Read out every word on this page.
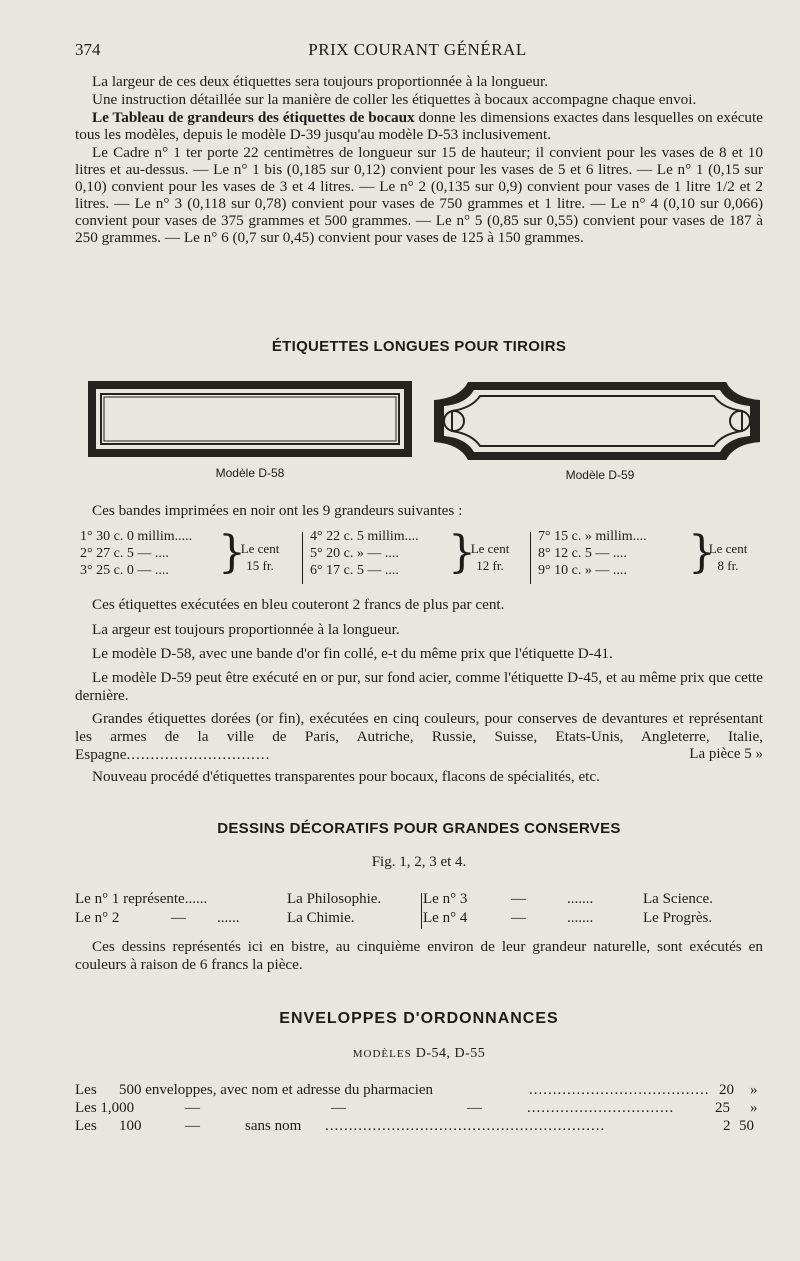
374	PRIX COURANT GÉNÉRAL

La largeur de ces deux étiquettes sera toujours proportionnée à la longueur.

Une instruction détaillée sur la manière de coller les étiquettes à bocaux accompagne chaque envoi.

Le Tableau de grandeurs des étiquettes de bocaux donne les dimensions exactes dans lesquelles on exécute tous les modèles, depuis le modèle D-39 jusqu'au modèle D-53 inclusivement.

Le Cadre n° 1 ter porte 22 centimètres de longueur sur 15 de hauteur; il convient pour les vases de 8 et 10 litres et au-dessus. — Le n° 1 bis (0,185 sur 0,12) convient pour les vases de 5 et 6 litres. — Le n° 1 (0,15 sur 0,10) convient pour les vases de 3 et 4 litres. — Le n° 2 (0,135 sur 0,9) convient pour vases de 1 litre 1/2 et 2 litres. — Le n° 3 (0,118 sur 0,78) convient pour vases de 750 grammes et 1 litre. — Le n° 4 (0,10 sur 0,066) convient pour vases de 375 grammes et 500 grammes. — Le n° 5 (0,85 sur 0,55) convient pour vases de 187 à 250 grammes. — Le n° 6 (0,7 sur 0,45) convient pour vases de 125 à 150 grammes.

ÉTIQUETTES LONGUES POUR TIROIRS
Modèle D-58	Modèle D-59
Ces bandes imprimées en noir ont les 9 grandeurs suivantes :
1° 30 c. 0 millim.....
2° 27 c. 5 — ....
3° 25 c. 0 — ....	}
Le cent
15 fr.
4° 22 c. 5 millim....
5° 20 c. » — ....
6° 17 c. 5 — ....	}
Le cent
12 fr.
7° 15 c. » millim....
8° 12 c. 5 — ....
9° 10 c. » — ....	}
Le cent
8 fr.
Ces étiquettes exécutées en bleu couteront 2 francs de plus par cent.
La argeur est toujours proportionnée à la longueur.
Le modèle D-58, avec une bande d'or fin collé, e-t du même prix que l'étiquette D-41.
Le modèle D-59 peut être exécuté en or pur, sur fond acier, comme l'étiquette D-45, et au même prix que cette dernière.
Grandes étiquettes dorées (or fin), exécutées en cinq couleurs, pour conserves de devantures et représentant les armes de la ville de Paris, Autriche, Russie, Suisse, Etats-Unis, Angleterre, Italie, Espagne..............................	La pièce 5 »
Nouveau procédé d'étiquettes transparentes pour bocaux, flacons de spécialités, etc.
DESSINS DÉCORATIFS POUR GRANDES CONSERVES
Fig. 1, 2, 3 et 4.
Le n° 1 représente......	La Philosophie.	Le n° 3	—	.......	La Science.
Le n° 2	— ......	La Chimie.	Le n° 4	—	.......	Le Progrès.
Ces dessins représentés ici en bistre, au cinquième environ de leur grandeur naturelle, sont exécutés en couleurs à raison de 6 francs la pièce.
ENVELOPPES D'ORDONNANCES
MODÈLES D-54, D-55
Les 500 enveloppes, avec nom et adresse du pharmacien	...................................... 20 »
Les 1,000	—	—	—	...............................	25 »
Les 100	—	sans nom ...........................................................	2 50
